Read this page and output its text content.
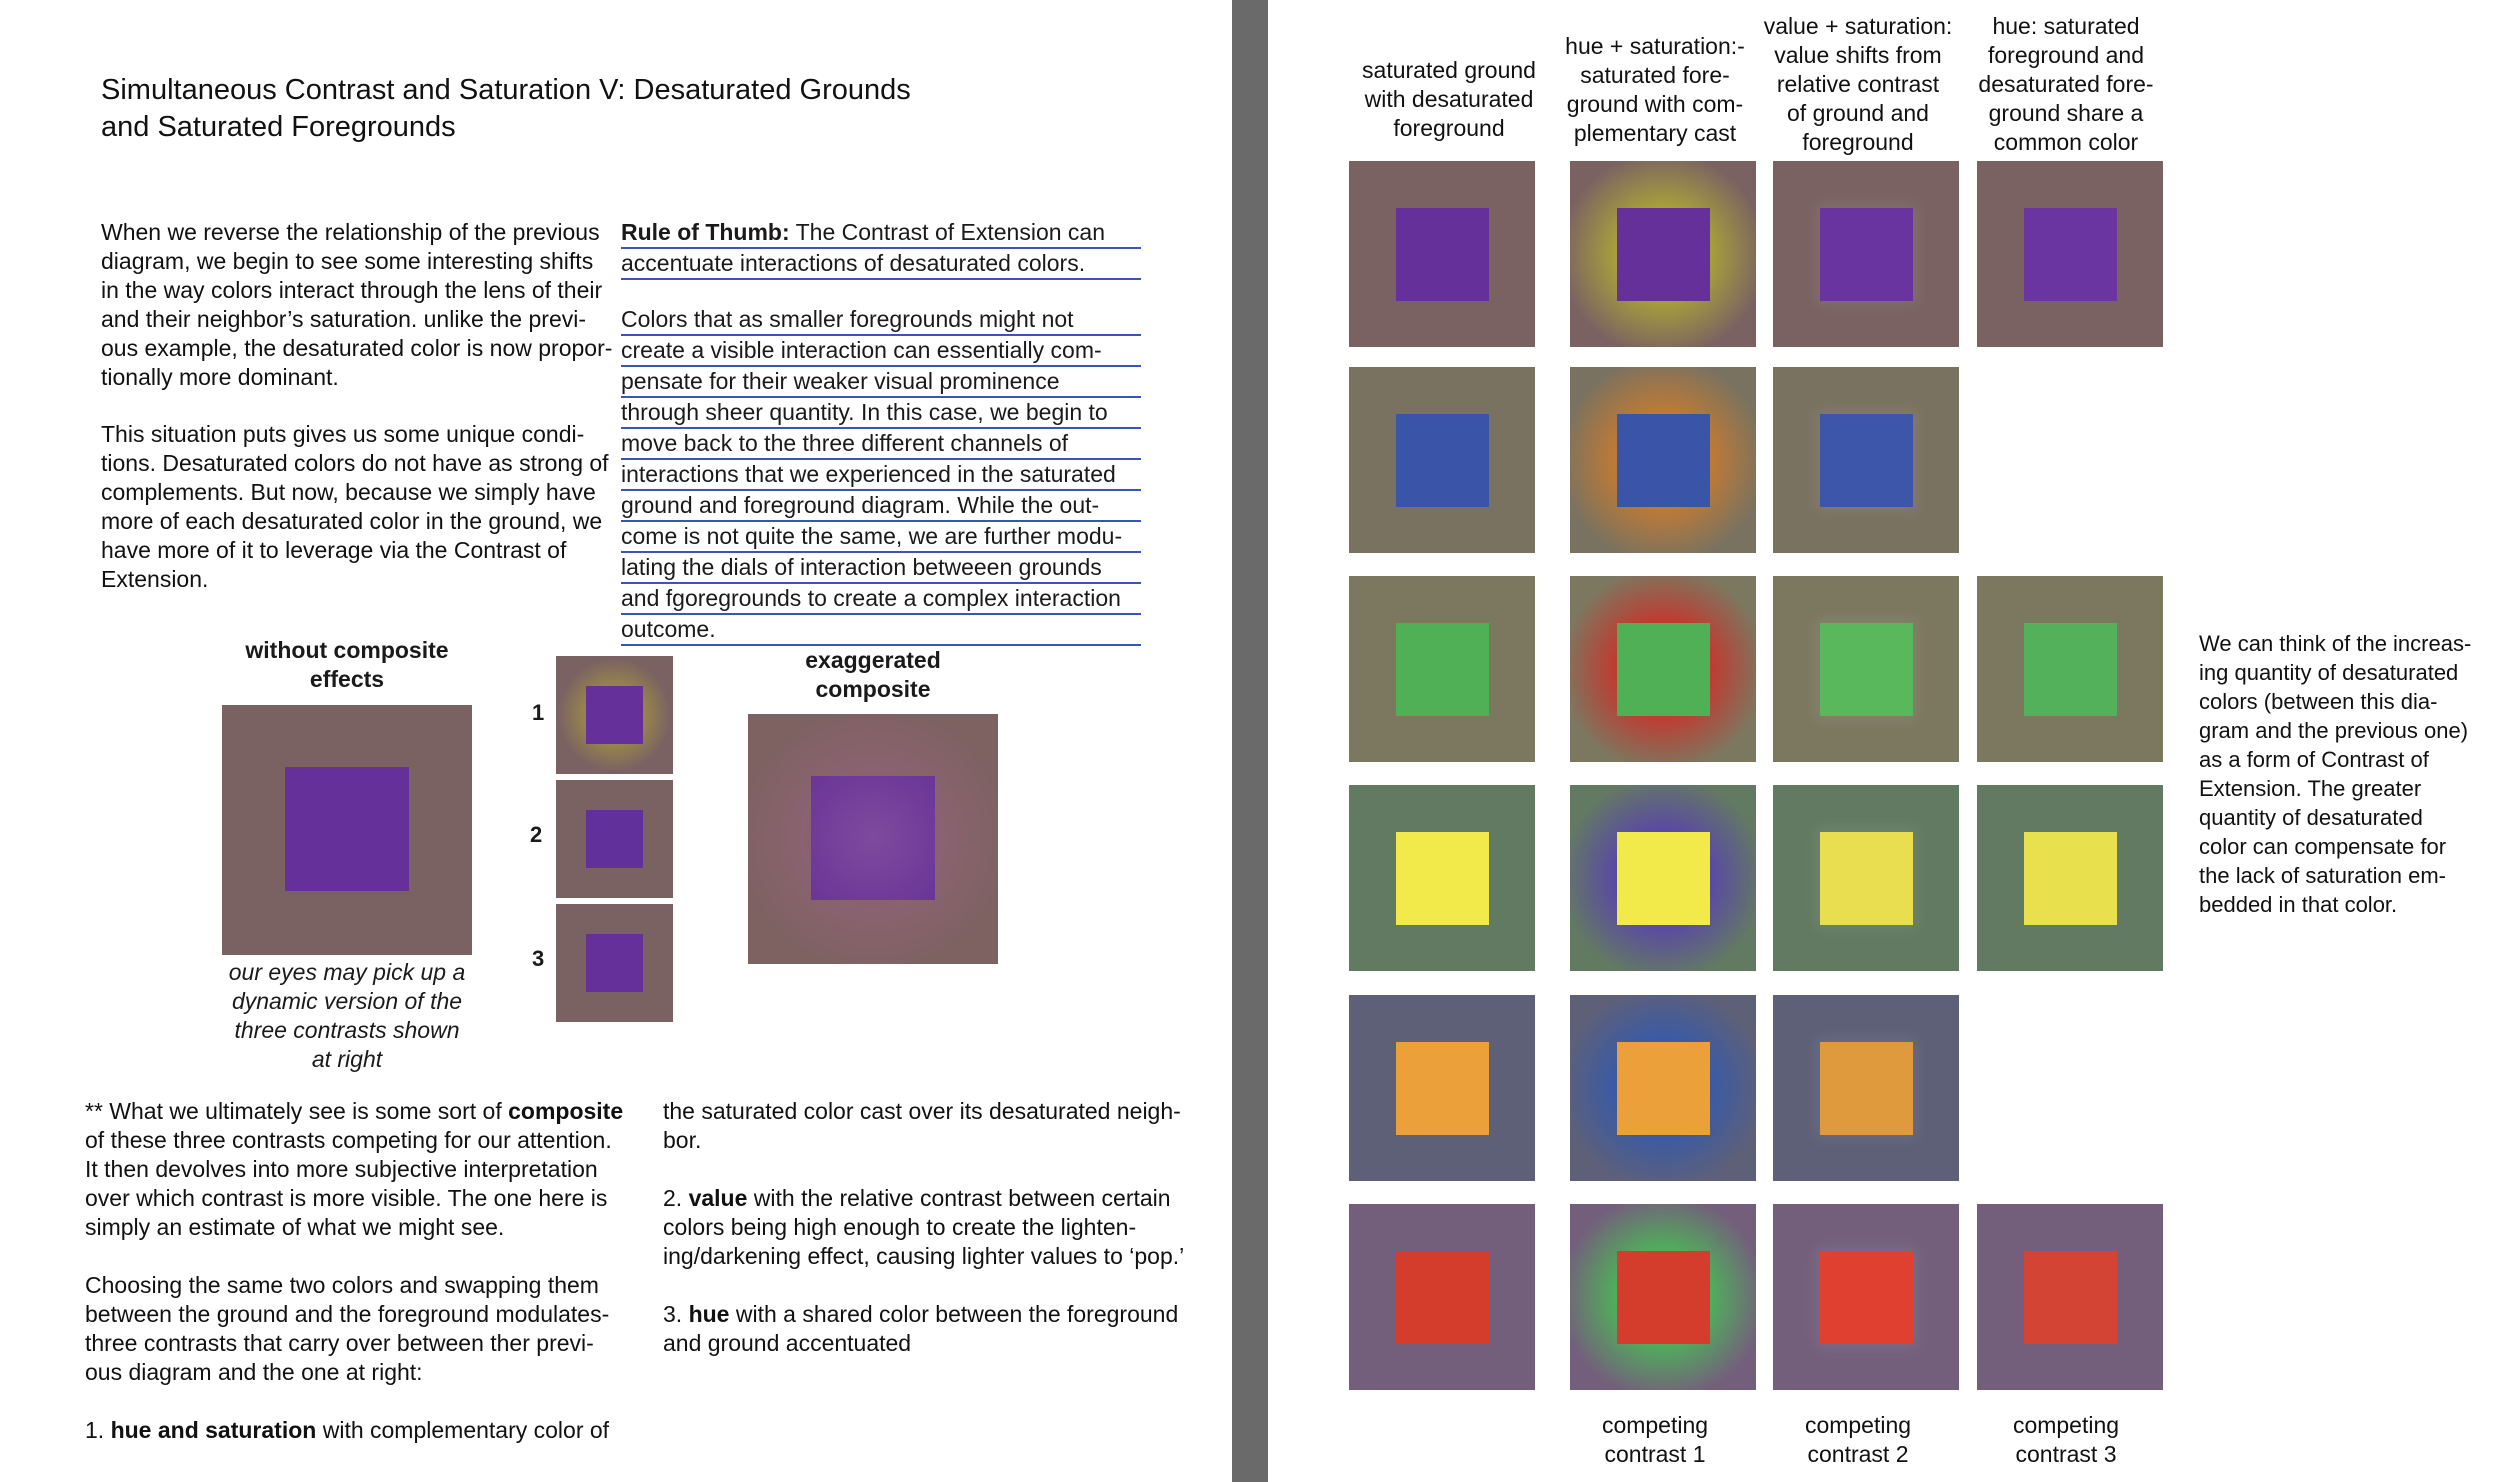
Simultaneous Contrast and Saturation V: Desaturated Grounds
and Saturated Foregrounds
When we reverse the relationship of the previous
diagram, we begin to see some interesting shifts
in the way colors interact through the lens of their
and their neighbor’s saturation. unlike the previ-
ous example, the desaturated color is now propor-
tionally more dominant.
This situation puts gives us some unique condi-
tions. Desaturated colors do not have as strong of
complements. But now, because we simply have
more of each desaturated color in the ground, we
have more of it to leverage via the Contrast of
Extension.
Rule of Thumb: The Contrast of Extension can
accentuate interactions of desaturated colors.
Colors that as smaller foregrounds might not
create a visible interaction can essentially com-
pensate for their weaker visual prominence
through sheer quantity. In this case, we begin to
move back to the three different channels of
interactions that we experienced in the saturated
ground and foreground diagram. While the out-
come is not quite the same, we are further modu-
lating the dials of interaction betweeen grounds
and fgoregrounds to create a complex interaction
outcome.
without composite
effects
our eyes may pick up a
dynamic version of the
three contrasts shown
at right
1
2
3
exaggerated
composite
** What we ultimately see is some sort of composite
of these three contrasts competing for our attention.
It then devolves into more subjective interpretation
over which contrast is more visible. The one here is
simply an estimate of what we might see.
Choosing the same two colors and swapping them
between the ground and the foreground modulates-
three contrasts that carry over between ther previ-
ous diagram and the one at right:
1. hue and saturation with complementary color of
the saturated color cast over its desaturated neigh-
bor.
2. value with the relative contrast between certain
colors being high enough to create the lighten-
ing/darkening effect, causing lighter values to ‘pop.’
3. hue with a shared color between the foreground
and ground accentuated
saturated ground
with desaturated
foreground
hue + saturation:-
saturated fore-
ground with com-
plementary cast
value + saturation:
value shifts from
relative contrast
of ground and
foreground
hue: saturated
foreground and
desaturated fore-
ground share a
common color
competing
contrast 1
competing
contrast 2
competing
contrast 3
We can think of the increas-
ing quantity of desaturated
colors (between this dia-
gram and the previous one)
as a form of Contrast of
Extension. The greater
quantity of desaturated
color can compensate for
the lack of saturation em-
bedded in that color.
